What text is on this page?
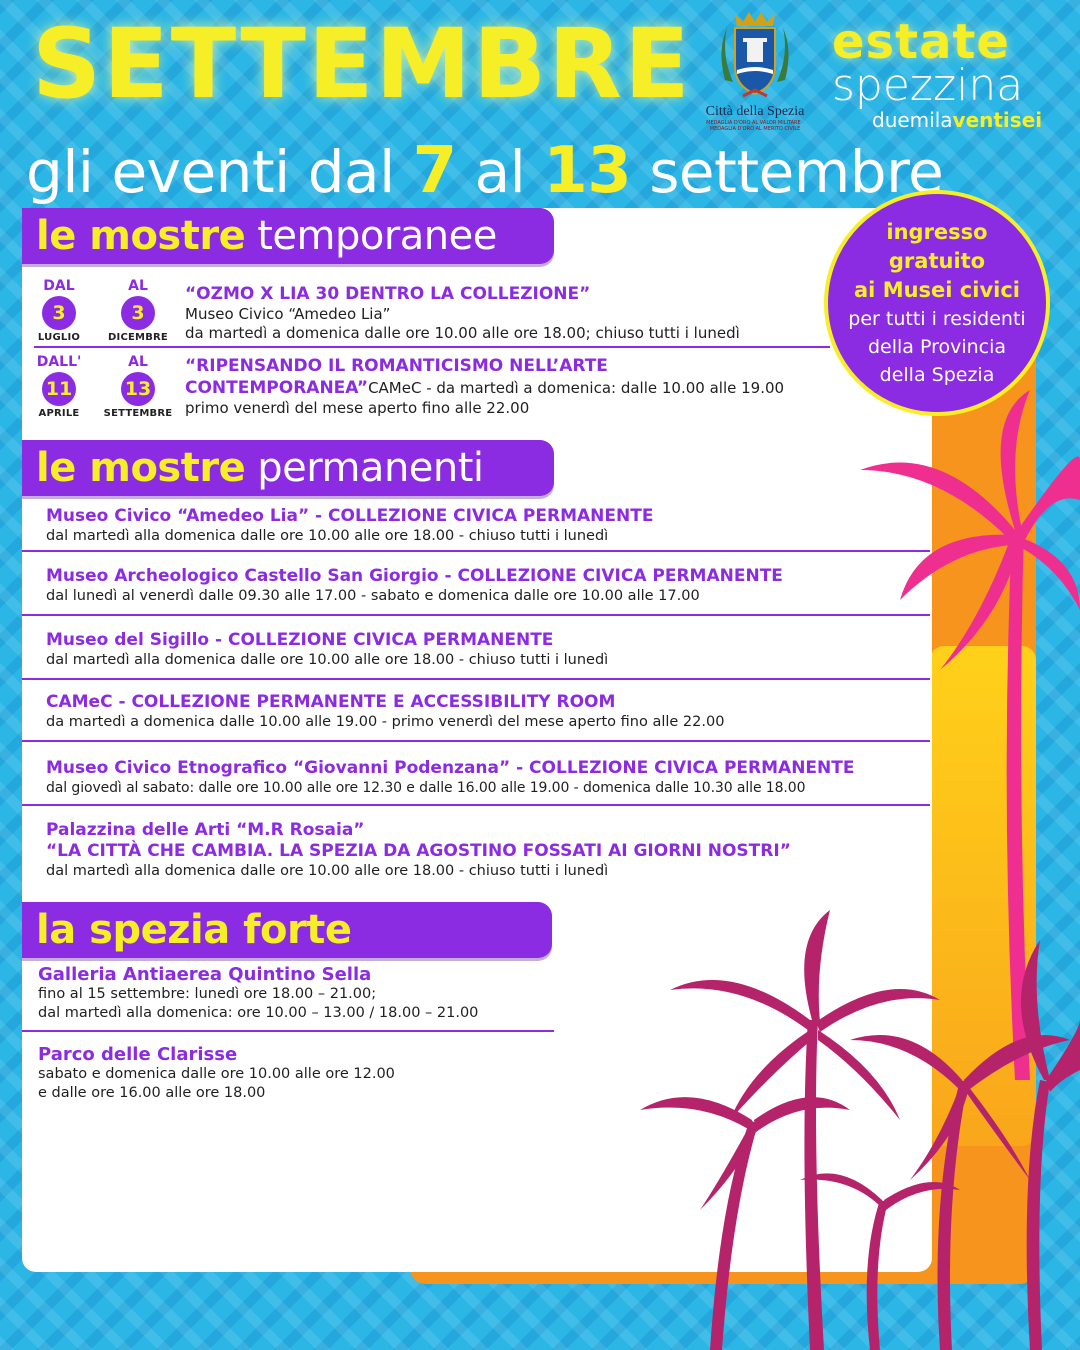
SETTEMBRE Città della Spezia
MEDAGLIA D'ORO AL VALOR MILITARE · MEDAGLIA D'ORO AL MERITO CIVILE
estate
spezzina
duemilaventisei
gli eventi dal 7 al 13 settembre
le mostre temporanee
DAL
3
LUGLIO
AL
3
DICEMBRE
“OZMO X LIA 30 DENTRO LA COLLEZIONE”
Museo Civico “Amedeo Lia”
da martedì a domenica dalle ore 10.00 alle ore 18.00; chiuso tutti i lunedì
DALL'
11
APRILE
AL
13
SETTEMBRE
“RIPENSANDO IL ROMANTICISMO NELL’ARTE
CONTEMPORANEA”CAMeC - da martedì a domenica: dalle 10.00 alle 19.00
primo venerdì del mese aperto fino alle 22.00
le mostre permanenti
Museo Civico “Amedeo Lia” - COLLEZIONE CIVICA PERMANENTE
dal martedì alla domenica dalle ore 10.00 alle ore 18.00 - chiuso tutti i lunedì
Museo Archeologico Castello San Giorgio - COLLEZIONE CIVICA PERMANENTE
dal lunedì al venerdì dalle 09.30 alle 17.00 - sabato e domenica dalle ore 10.00 alle 17.00
Museo del Sigillo - COLLEZIONE CIVICA PERMANENTE
dal martedì alla domenica dalle ore 10.00 alle ore 18.00 - chiuso tutti i lunedì
CAMeC - COLLEZIONE PERMANENTE E ACCESSIBILITY ROOM
da martedì a domenica dalle 10.00 alle 19.00 - primo venerdì del mese aperto fino alle 22.00
Museo Civico Etnografico “Giovanni Podenzana” - COLLEZIONE CIVICA PERMANENTE
dal giovedì al sabato: dalle ore 10.00 alle ore 12.30 e dalle 16.00 alle 19.00 - domenica dalle 10.30 alle 18.00
Palazzina delle Arti “M.R Rosaia”
“LA CITTÀ CHE CAMBIA. LA SPEZIA DA AGOSTINO FOSSATI AI GIORNI NOSTRI”
dal martedì alla domenica dalle ore 10.00 alle ore 18.00 - chiuso tutti i lunedì
la spezia forte
Galleria Antiaerea Quintino Sella
fino al 15 settembre: lunedì ore 18.00 – 21.00;
dal martedì alla domenica: ore 10.00 – 13.00 / 18.00 – 21.00
Parco delle Clarisse
sabato e domenica dalle ore 10.00 alle ore 12.00
e dalle ore 16.00 alle ore 18.00
ingresso
gratuito
ai Musei civici
per tutti i residenti
della Provincia
della Spezia
